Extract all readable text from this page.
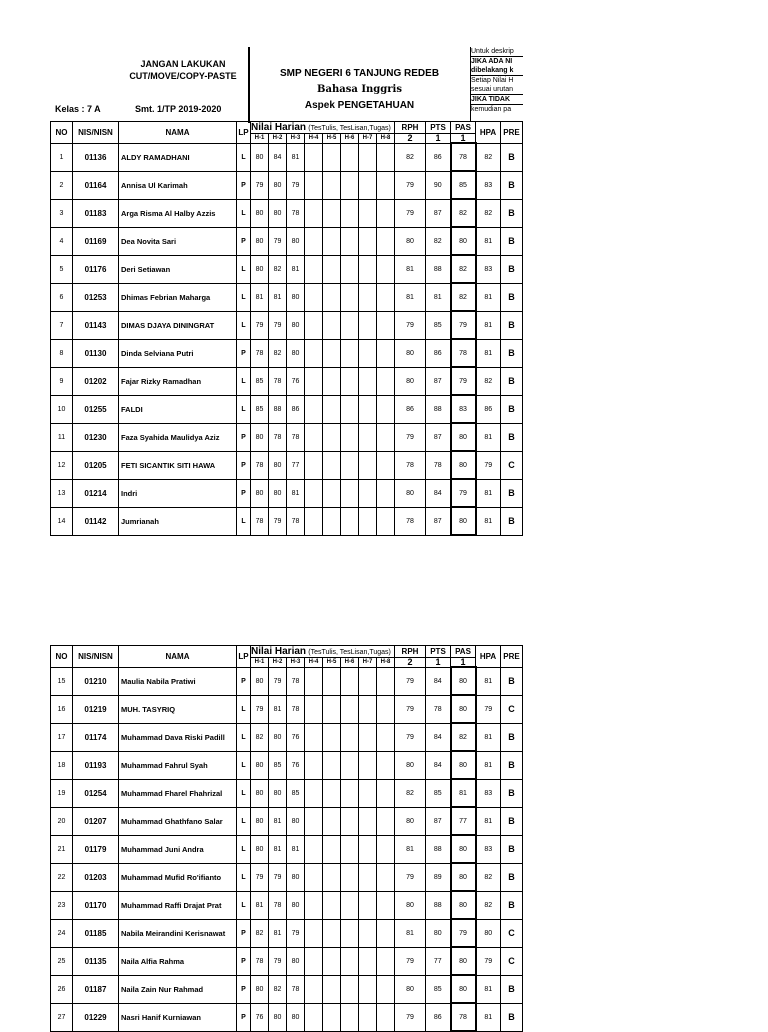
JANGAN LAKUKAN
CUT/MOVE/COPY-PASTE
Kelas : 7 A	Smt. 1/TP 2019-2020
SMP NEGERI 6 TANJUNG REDEB
Bahasa Inggris
Aspek PENGETAHUAN
Untuk deskrip
JIKA ADA NI
dibelakang k
Setiap Nilai H
sesuai urutan
JIKA TIDAK
kemudian pa
NO	NIS/NISN	NAMA	LP	Nilai Harian (TesTulis, TesLisan,Tugas)								RPH	PTS	PAS	HPA	PRE
				H-1	H-2	H-3	H-4	H-5	H-6	H-7	H-8	2	1	1		
1	01136	ALDY RAMADHANI	L	80	84	81						82	86	78	82	B
2	01164	Annisa Ul Karimah	P	79	80	79						79	90	85	83	B
3	01183	Arga Risma Al Halby Azzis	L	80	80	78						79	87	82	82	B
4	01169	Dea Novita Sari	P	80	79	80						80	82	80	81	B
5	01176	Deri Setiawan	L	80	82	81						81	88	82	83	B
6	01253	Dhimas Febrian Maharga	L	81	81	80						81	81	82	81	B
7	01143	DIMAS DJAYA DININGRAT	L	79	79	80						79	85	79	81	B
8	01130	Dinda Selviana Putri	P	78	82	80						80	86	78	81	B
9	01202	Fajar Rizky Ramadhan	L	85	78	76						80	87	79	82	B
10	01255	FALDI	L	85	88	86						86	88	83	86	B
11	01230	Faza Syahida Maulidya Aziz	P	80	78	78						79	87	80	81	B
12	01205	FETI SICANTIK SITI HAWA	P	78	80	77						78	78	80	79	C
13	01214	Indri	P	80	80	81						80	84	79	81	B
14	01142	Jumrianah	L	78	79	78						78	87	80	81	B
NO	NIS/NISN	NAMA	LP	Nilai Harian (TesTulis, TesLisan,Tugas)								RPH	PTS	PAS	HPA	PRE
				H-1	H-2	H-3	H-4	H-5	H-6	H-7	H-8	2	1	1		
15	01210	Maulia Nabila Pratiwi	P	80	79	78						79	84	80	81	B
16	01219	MUH. TASYRIQ	L	79	81	78						79	78	80	79	C
17	01174	Muhammad Dava Riski Padill	L	82	80	76						79	84	82	81	B
18	01193	Muhammad Fahrul Syah	L	80	85	76						80	84	80	81	B
19	01254	Muhammad Fharel Fhahrizal	L	80	80	85						82	85	81	83	B
20	01207	Muhammad Ghathfano Salar	L	80	81	80						80	87	77	81	B
21	01179	Muhammad Juni Andra	L	80	81	81						81	88	80	83	B
22	01203	Muhammad Mufid Ro'ifianto	L	79	79	80						79	89	80	82	B
23	01170	Muhammad Raffi Drajat Prat	L	81	78	80						80	88	80	82	B
24	01185	Nabila Meirandini Kerisnawat	P	82	81	79						81	80	79	80	C
25	01135	Naila Alfia Rahma	P	78	79	80						79	77	80	79	C
26	01187	Naila Zain Nur Rahmad	P	80	82	78						80	85	80	81	B
27	01229	Nasri Hanif Kurniawan	P	76	80	80						79	86	78	81	B
